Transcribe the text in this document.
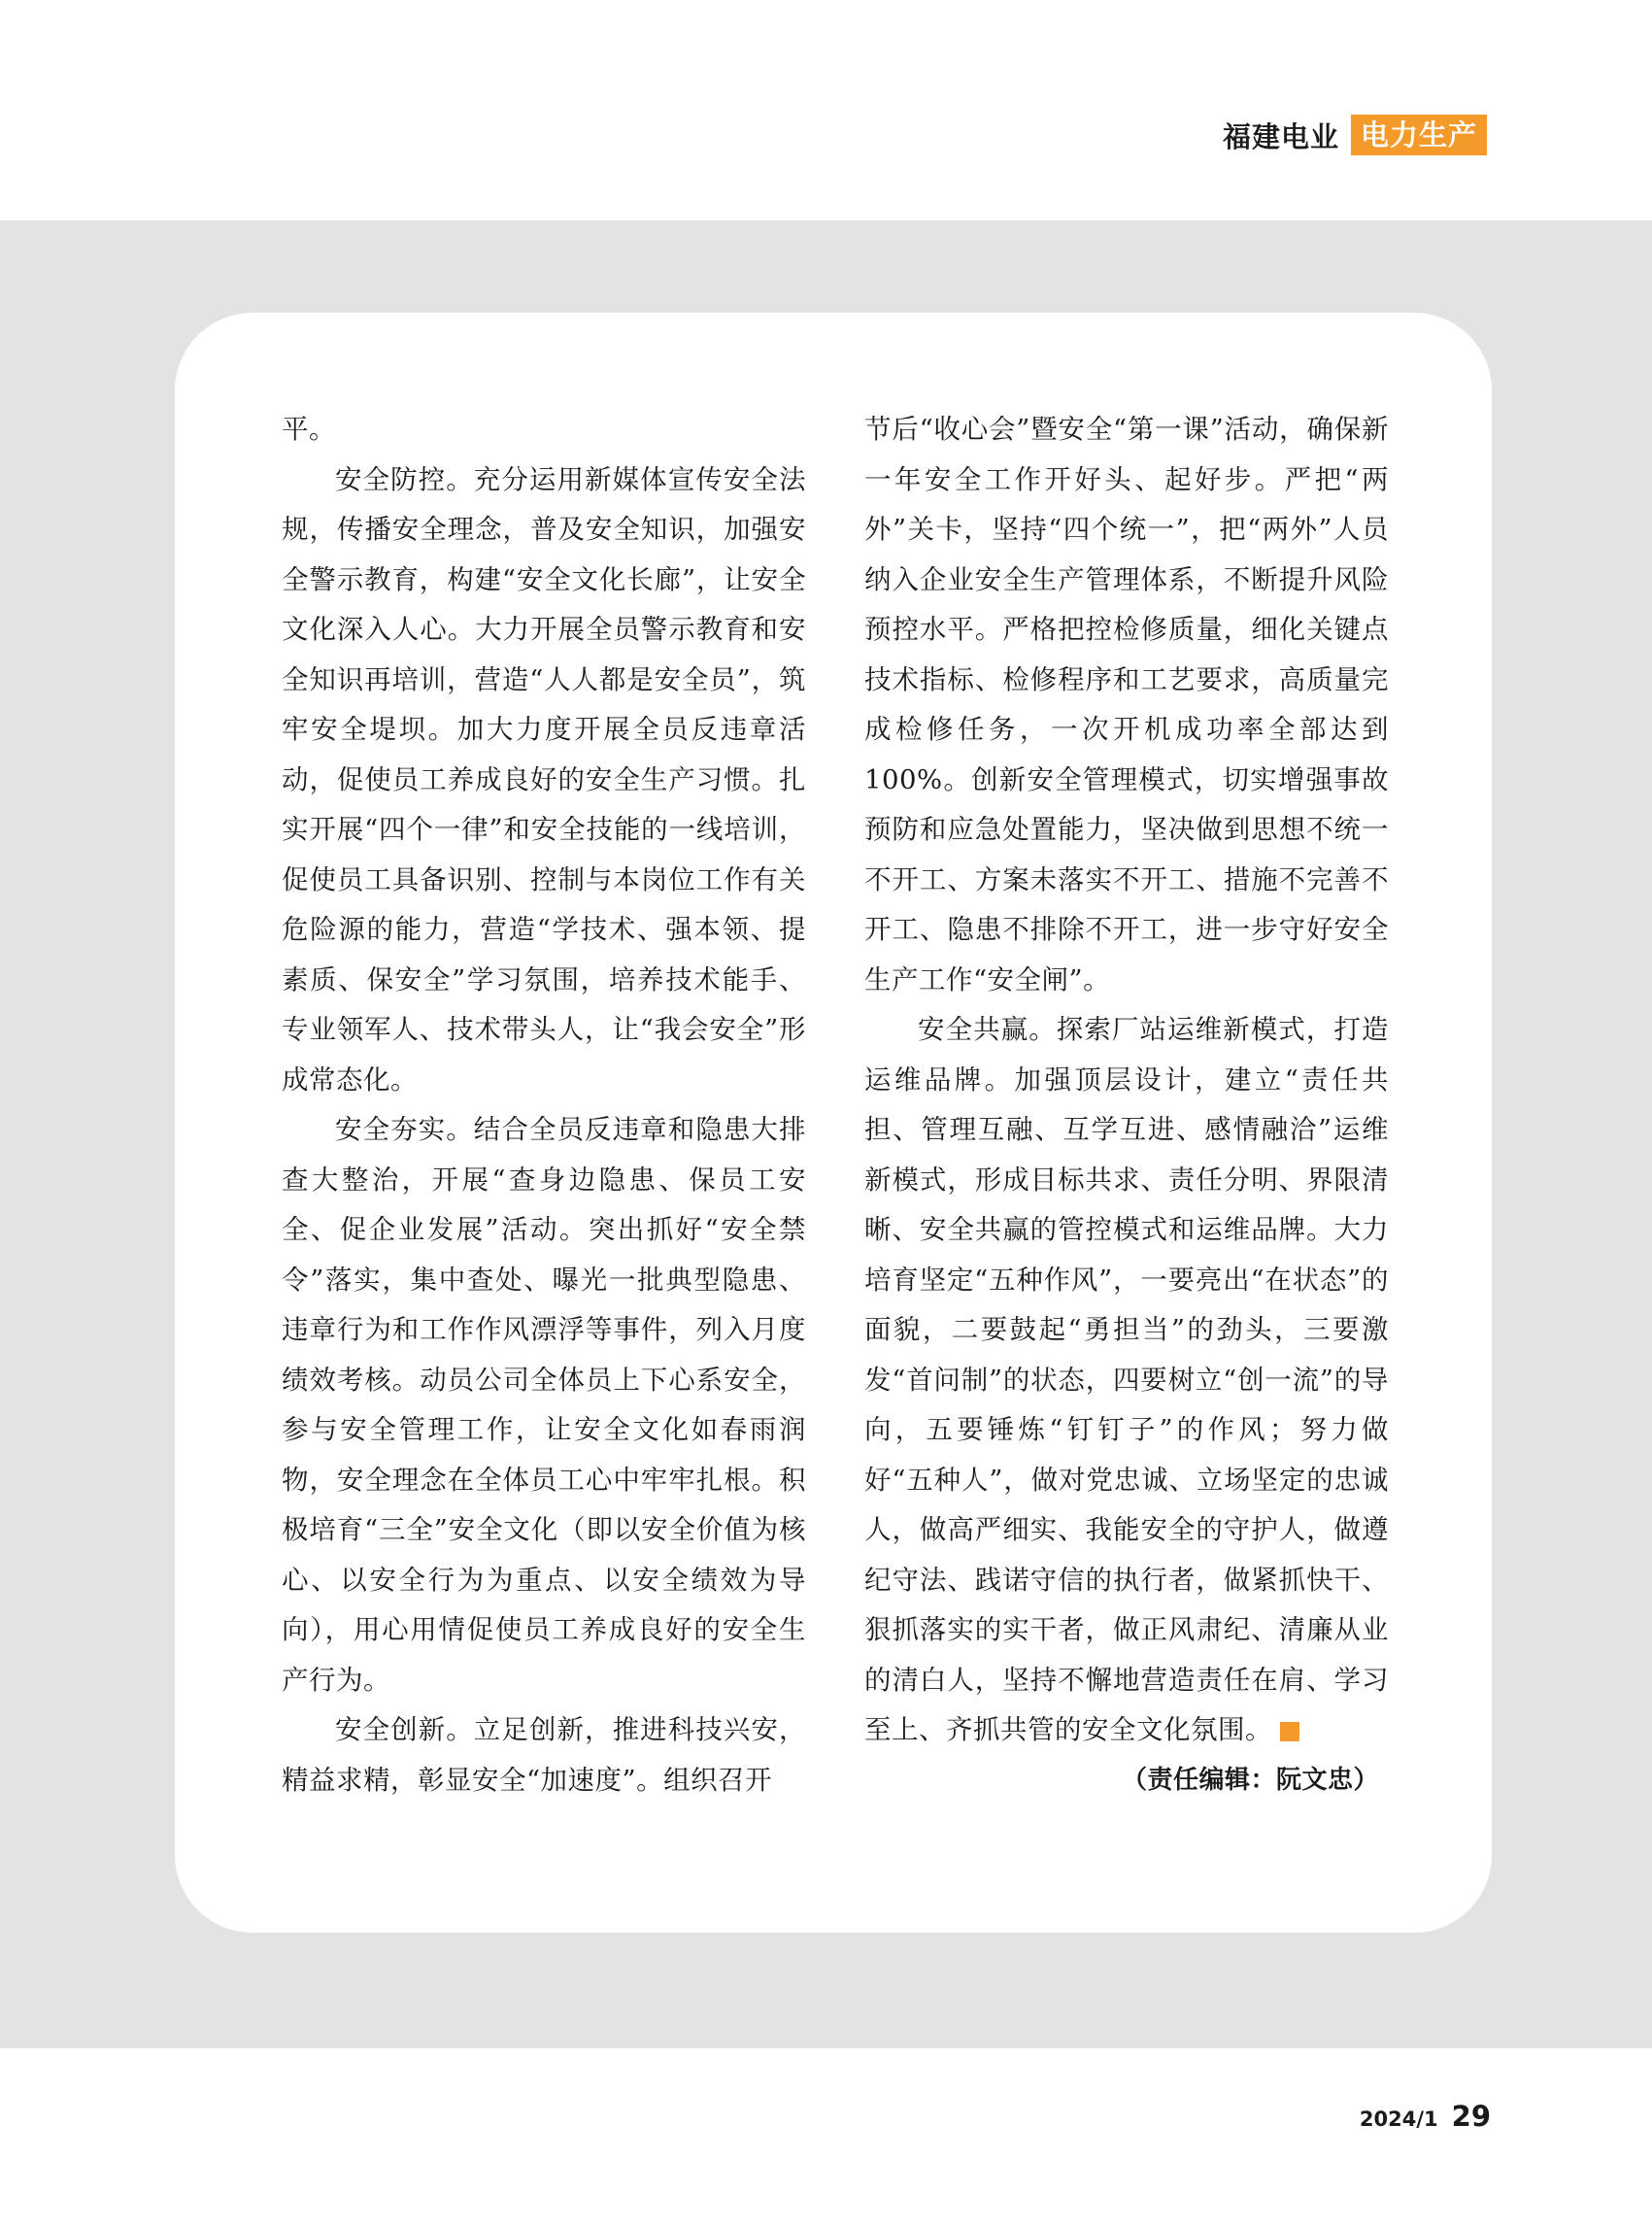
福建电业 电力生产

平。

安全防控。充分运用新媒体宣传安全法规，传播安全理念，普及安全知识，加强安全警示教育，构建“安全文化长廊”，让安全文化深入人心。大力开展全员警示教育和安全知识再培训，营造“人人都是安全员”，筑牢安全堤坝。加大力度开展全员反违章活动，促使员工养成良好的安全生产习惯。扎实开展“四个一律”和安全技能的一线培训，促使员工具备识别、控制与本岗位工作有关危险源的能力，营造“学技术、强本领、提素质、保安全”学习氛围，培养技术能手、专业领军人、技术带头人，让“我会安全”形成常态化。

安全夯实。结合全员反违章和隐患大排查大整治，开展“查身边隐患、保员工安全、促企业发展”活动。突出抓好“安全禁令”落实，集中查处、曝光一批典型隐患、违章行为和工作作风漂浮等事件，列入月度绩效考核。动员公司全体员上下心系安全，参与安全管理工作，让安全文化如春雨润物，安全理念在全体员工心中牢牢扎根。积极培育“三全”安全文化（即以安全价值为核心、以安全行为为重点、以安全绩效为导向），用心用情促使员工养成良好的安全生产行为。

安全创新。立足创新，推进科技兴安，精益求精，彰显安全“加速度”。组织召开

节后“收心会”暨安全“第一课”活动，确保新一年安全工作开好头、起好步。严把“两外”关卡，坚持“四个统一”，把“两外”人员纳入企业安全生产管理体系，不断提升风险预控水平。严格把控检修质量，细化关键点技术指标、检修程序和工艺要求，高质量完成检修任务，一次开机成功率全部达到100%。创新安全管理模式，切实增强事故预防和应急处置能力，坚决做到思想不统一不开工、方案未落实不开工、措施不完善不开工、隐患不排除不开工，进一步守好安全生产工作“安全闸”。

安全共赢。探索厂站运维新模式，打造运维品牌。加强顶层设计，建立“责任共担、管理互融、互学互进、感情融洽”运维新模式，形成目标共求、责任分明、界限清晰、安全共赢的管控模式和运维品牌。大力培育坚定“五种作风”，一要亮出“在状态”的面貌，二要鼓起“勇担当”的劲头，三要激发“首问制”的状态，四要树立“创一流”的导向，五要锤炼“钉钉子”的作风；努力做好“五种人”，做对党忠诚、立场坚定的忠诚人，做高严细实、我能安全的守护人，做遵纪守法、践诺守信的执行者，做紧抓快干、狠抓落实的实干者，做正风肃纪、清廉从业的清白人，坚持不懈地营造责任在肩、学习至上、齐抓共管的安全文化氛围。

（责任编辑：阮文忠）

2024/1 29
